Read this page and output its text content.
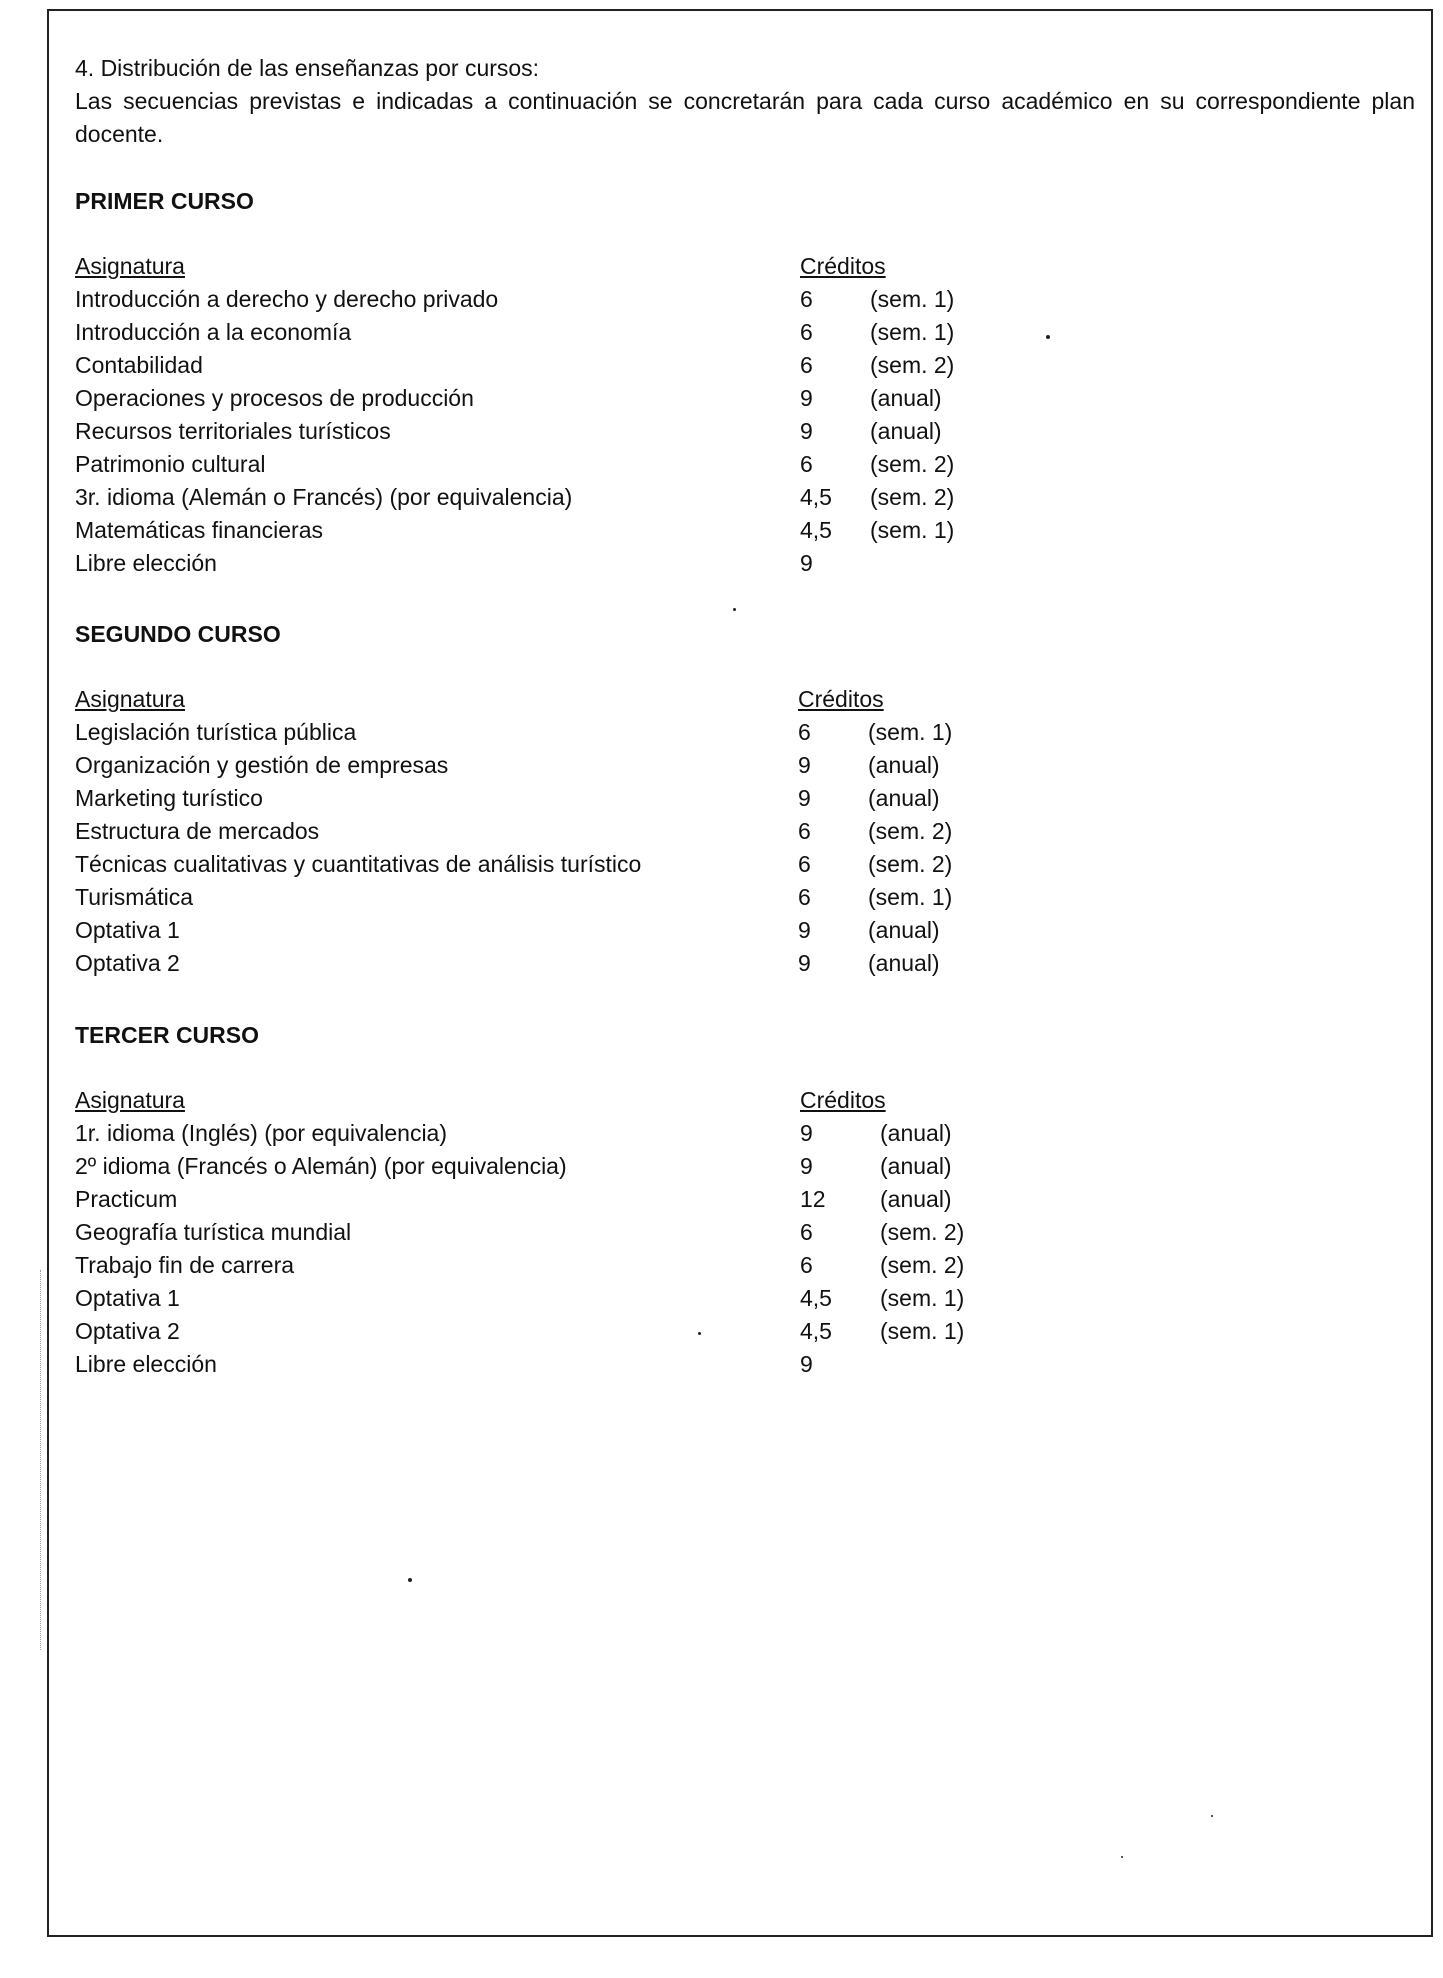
4. Distribución de las enseñanzas por cursos:
Las secuencias previstas e indicadas a continuación se concretarán para cada curso académico en su correspondiente plan docente.
PRIMER CURSO
Asignatura	Créditos
Introducción a derecho y derecho privado	6 (sem. 1)
Introducción a la economía	6 (sem. 1)
Contabilidad	6 (sem. 2)
Operaciones y procesos de producción	9 (anual)
Recursos territoriales turísticos	9 (anual)
Patrimonio cultural	6 (sem. 2)
3r. idioma (Alemán o Francés) (por equivalencia)	4,5 (sem. 2)
Matemáticas financieras	4,5 (sem. 1)
Libre elección	9
SEGUNDO CURSO
Asignatura	Créditos
Legislación turística pública	6 (sem. 1)
Organización y gestión de empresas	9 (anual)
Marketing turístico	9 (anual)
Estructura de mercados	6 (sem. 2)
Técnicas cualitativas y cuantitativas de análisis turístico	6 (sem. 2)
Turismática	6 (sem. 1)
Optativa 1	9 (anual)
Optativa 2	9 (anual)
TERCER CURSO
Asignatura	Créditos
1r. idioma (Inglés) (por equivalencia)	9	(anual)
2º idioma (Francés o Alemán) (por equivalencia)	9	(anual)
Practicum	12 (anual)
Geografía turística mundial	6	(sem. 2)
Trabajo fin de carrera	6	(sem. 2)
Optativa 1	4,5 (sem. 1)
Optativa 2	4,5 (sem. 1)
Libre elección	9
